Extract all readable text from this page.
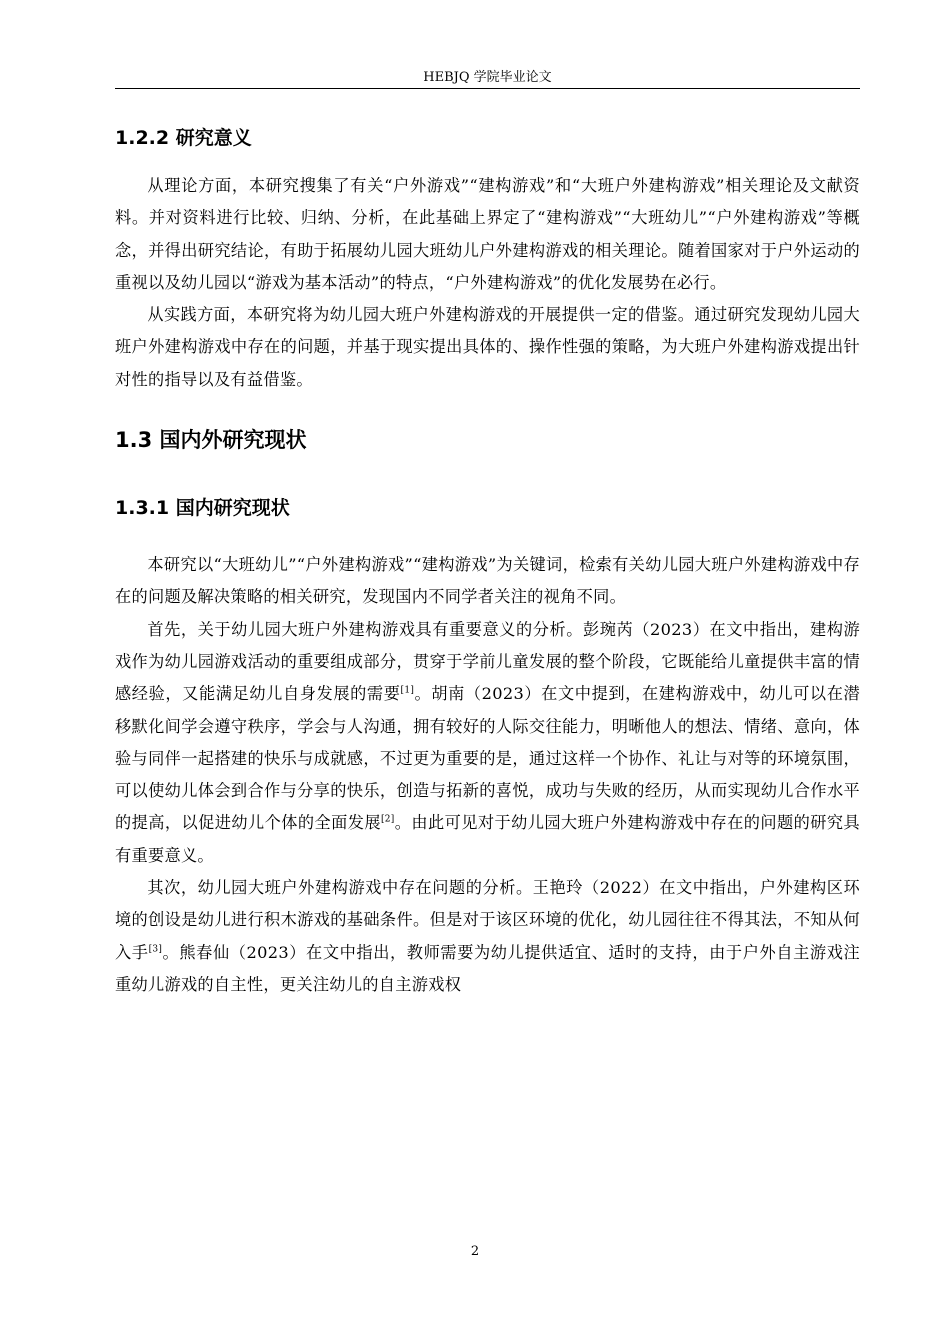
HEBJQ 学院毕业论文
1.2.2 研究意义

从理论方面，本研究搜集了有关“户外游戏”“建构游戏”和“大班户外建构游戏”相关理论及文献资料。并对资料进行比较、归纳、分析，在此基础上界定了“建构游戏”“大班幼儿”“户外建构游戏”等概念，并得出研究结论，有助于拓展幼儿园大班幼儿户外建构游戏的相关理论。随着国家对于户外运动的重视以及幼儿园以“游戏为基本活动”的特点，“户外建构游戏”的优化发展势在必行。

从实践方面，本研究将为幼儿园大班户外建构游戏的开展提供一定的借鉴。通过研究发现幼儿园大班户外建构游戏中存在的问题，并基于现实提出具体的、操作性强的策略，为大班户外建构游戏提出针对性的指导以及有益借鉴。

1.3 国内外研究现状
1.3.1 国内研究现状

本研究以“大班幼儿”“户外建构游戏”“建构游戏”为关键词，检索有关幼儿园大班户外建构游戏中存在的问题及解决策略的相关研究，发现国内不同学者关注的视角不同。

首先，关于幼儿园大班户外建构游戏具有重要意义的分析。彭琬芮（2023）在文中指出，建构游戏作为幼儿园游戏活动的重要组成部分，贯穿于学前儿童发展的整个阶段，它既能给儿童提供丰富的情感经验，又能满足幼儿自身发展的需要[1]。胡南（2023）在文中提到，在建构游戏中，幼儿可以在潜移默化间学会遵守秩序，学会与人沟通，拥有较好的人际交往能力，明晰他人的想法、情绪、意向，体验与同伴一起搭建的快乐与成就感，不过更为重要的是，通过这样一个协作、礼让与对等的环境氛围，可以使幼儿体会到合作与分享的快乐，创造与拓新的喜悦，成功与失败的经历，从而实现幼儿合作水平的提高，以促进幼儿个体的全面发展[2]。由此可见对于幼儿园大班户外建构游戏中存在的问题的研究具有重要意义。

其次，幼儿园大班户外建构游戏中存在问题的分析。王艳玲（2022）在文中指出，户外建构区环境的创设是幼儿进行积木游戏的基础条件。但是对于该区环境的优化，幼儿园往往不得其法，不知从何入手[3]。熊春仙（2023）在文中指出，教师需要为幼儿提供适宜、适时的支持，由于户外自主游戏注重幼儿游戏的自主性，更关注幼儿的自主游戏权

2
